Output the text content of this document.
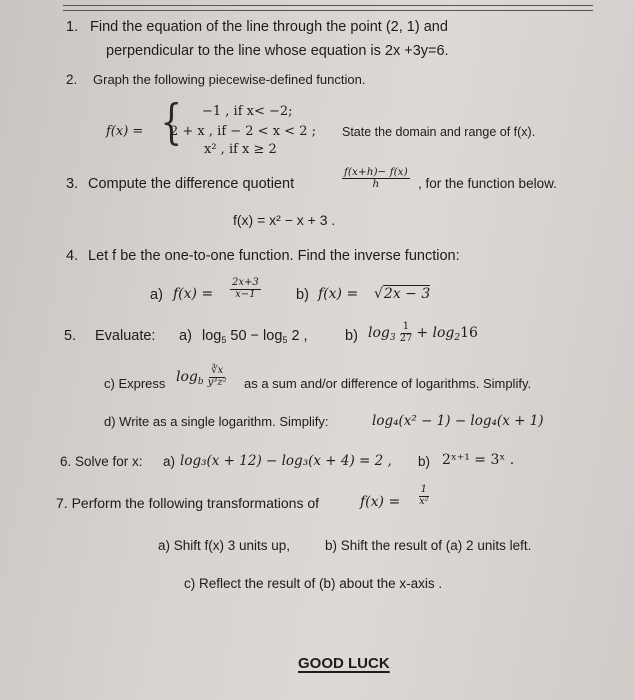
1. Find the equation of the line through the point (2, 1) and
perpendicular to the line whose equation is 2x +3y=6.
2. Graph the following piecewise-defined function.
f(x) = { −1 , if x< −2;
2 + x , if − 2 < x < 2 ;
x² , if x ≥ 2
State the domain and range of f(x).
3. Compute the difference quotient	$\frac{f(x+h)- f(x)}{h}$ , for the function below.
f(x) = x² − x + 3 .
4. Let f be the one-to-one function. Find the inverse function:
a) $f(x) = \frac{2x+3}{x-1} b$) f(x) = √2x − 3
5. Evaluate: a) $\log_5 50 - \log_5 2$ ,	b) $\log_3 \frac{1}{27} + \log_216$
c) Express $\log_b \frac{∛x}{\text{y³z²}}$ as a sum and/or difference of logarithms. Simplify.
d) Write as a single logarithm. Simplify:	log₄(x² − 1) − log₄(x + 1)
6. Solve for x: a) log₃(x + 12) − log₃(x + 4) = 2 , b) 2ˣ⁺¹ = 3ˣ .
7. Perform the following transformations of	$f(x) = \frac{1}{\text{x²}}$
a) Shift f(x) 3 units up,	b) Shift the result of (a) 2 units left.
c) Reflect the result of (b) about the x-axis .
GOOD LUCK
